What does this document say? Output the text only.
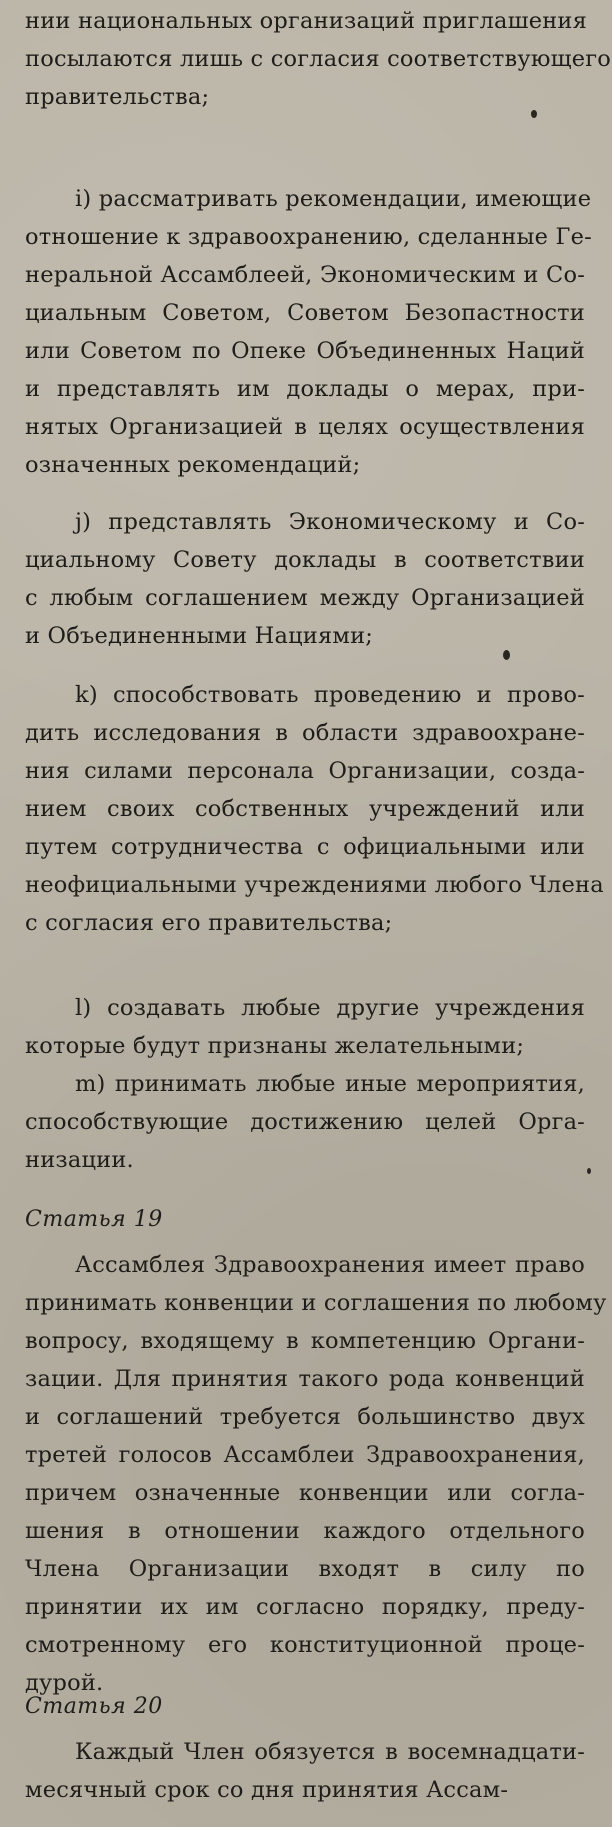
нии национальных организаций приглашения
посылаются лишь с согласия соответствующего
правительства;
i) рассматривать рекомендации, имеющие
отношение к здравоохранению, сделанные Ге-
неральной Ассамблеей, Экономическим и Со-
циальным Советом, Советом Безопастности
или Советом по Опеке Объединенных Наций
и представлять им доклады о мерах, при-
нятых Организацией в целях осуществления
означенных рекомендаций;
j) представлять Экономическому и Со-
циальному Совету доклады в соответствии
с любым соглашением между Организацией
и Объединенными Нациями;
k) способствовать проведению и прово-
дить исследования в области здравоохране-
ния силами персонала Организации, созда-
нием своих собственных учреждений или
путем сотрудничества с официальными или
неофициальными учреждениями любого Члена
с согласия его правительства;
l) создавать любые другие учреждения
которые будут признаны желательными;
m) принимать любые иные мероприятия,
способствующие достижению целей Орга-
низации.
Статья 19
Ассамблея Здравоохранения имеет право
принимать конвенции и соглашения по любому
вопросу, входящему в компетенцию Органи-
зации. Для принятия такого рода конвенций
и соглашений требуется большинство двух
третей голосов Ассамблеи Здравоохранения,
причем означенные конвенции или согла-
шения в отношении каждого отдельного
Члена Организации входят в силу по
принятии их им согласно порядку, преду-
смотренному его конституционной проце-
дурой.
Статья 20
Каждый Член обязуется в восемнадцати-
месячный срок со дня принятия Ассам-
